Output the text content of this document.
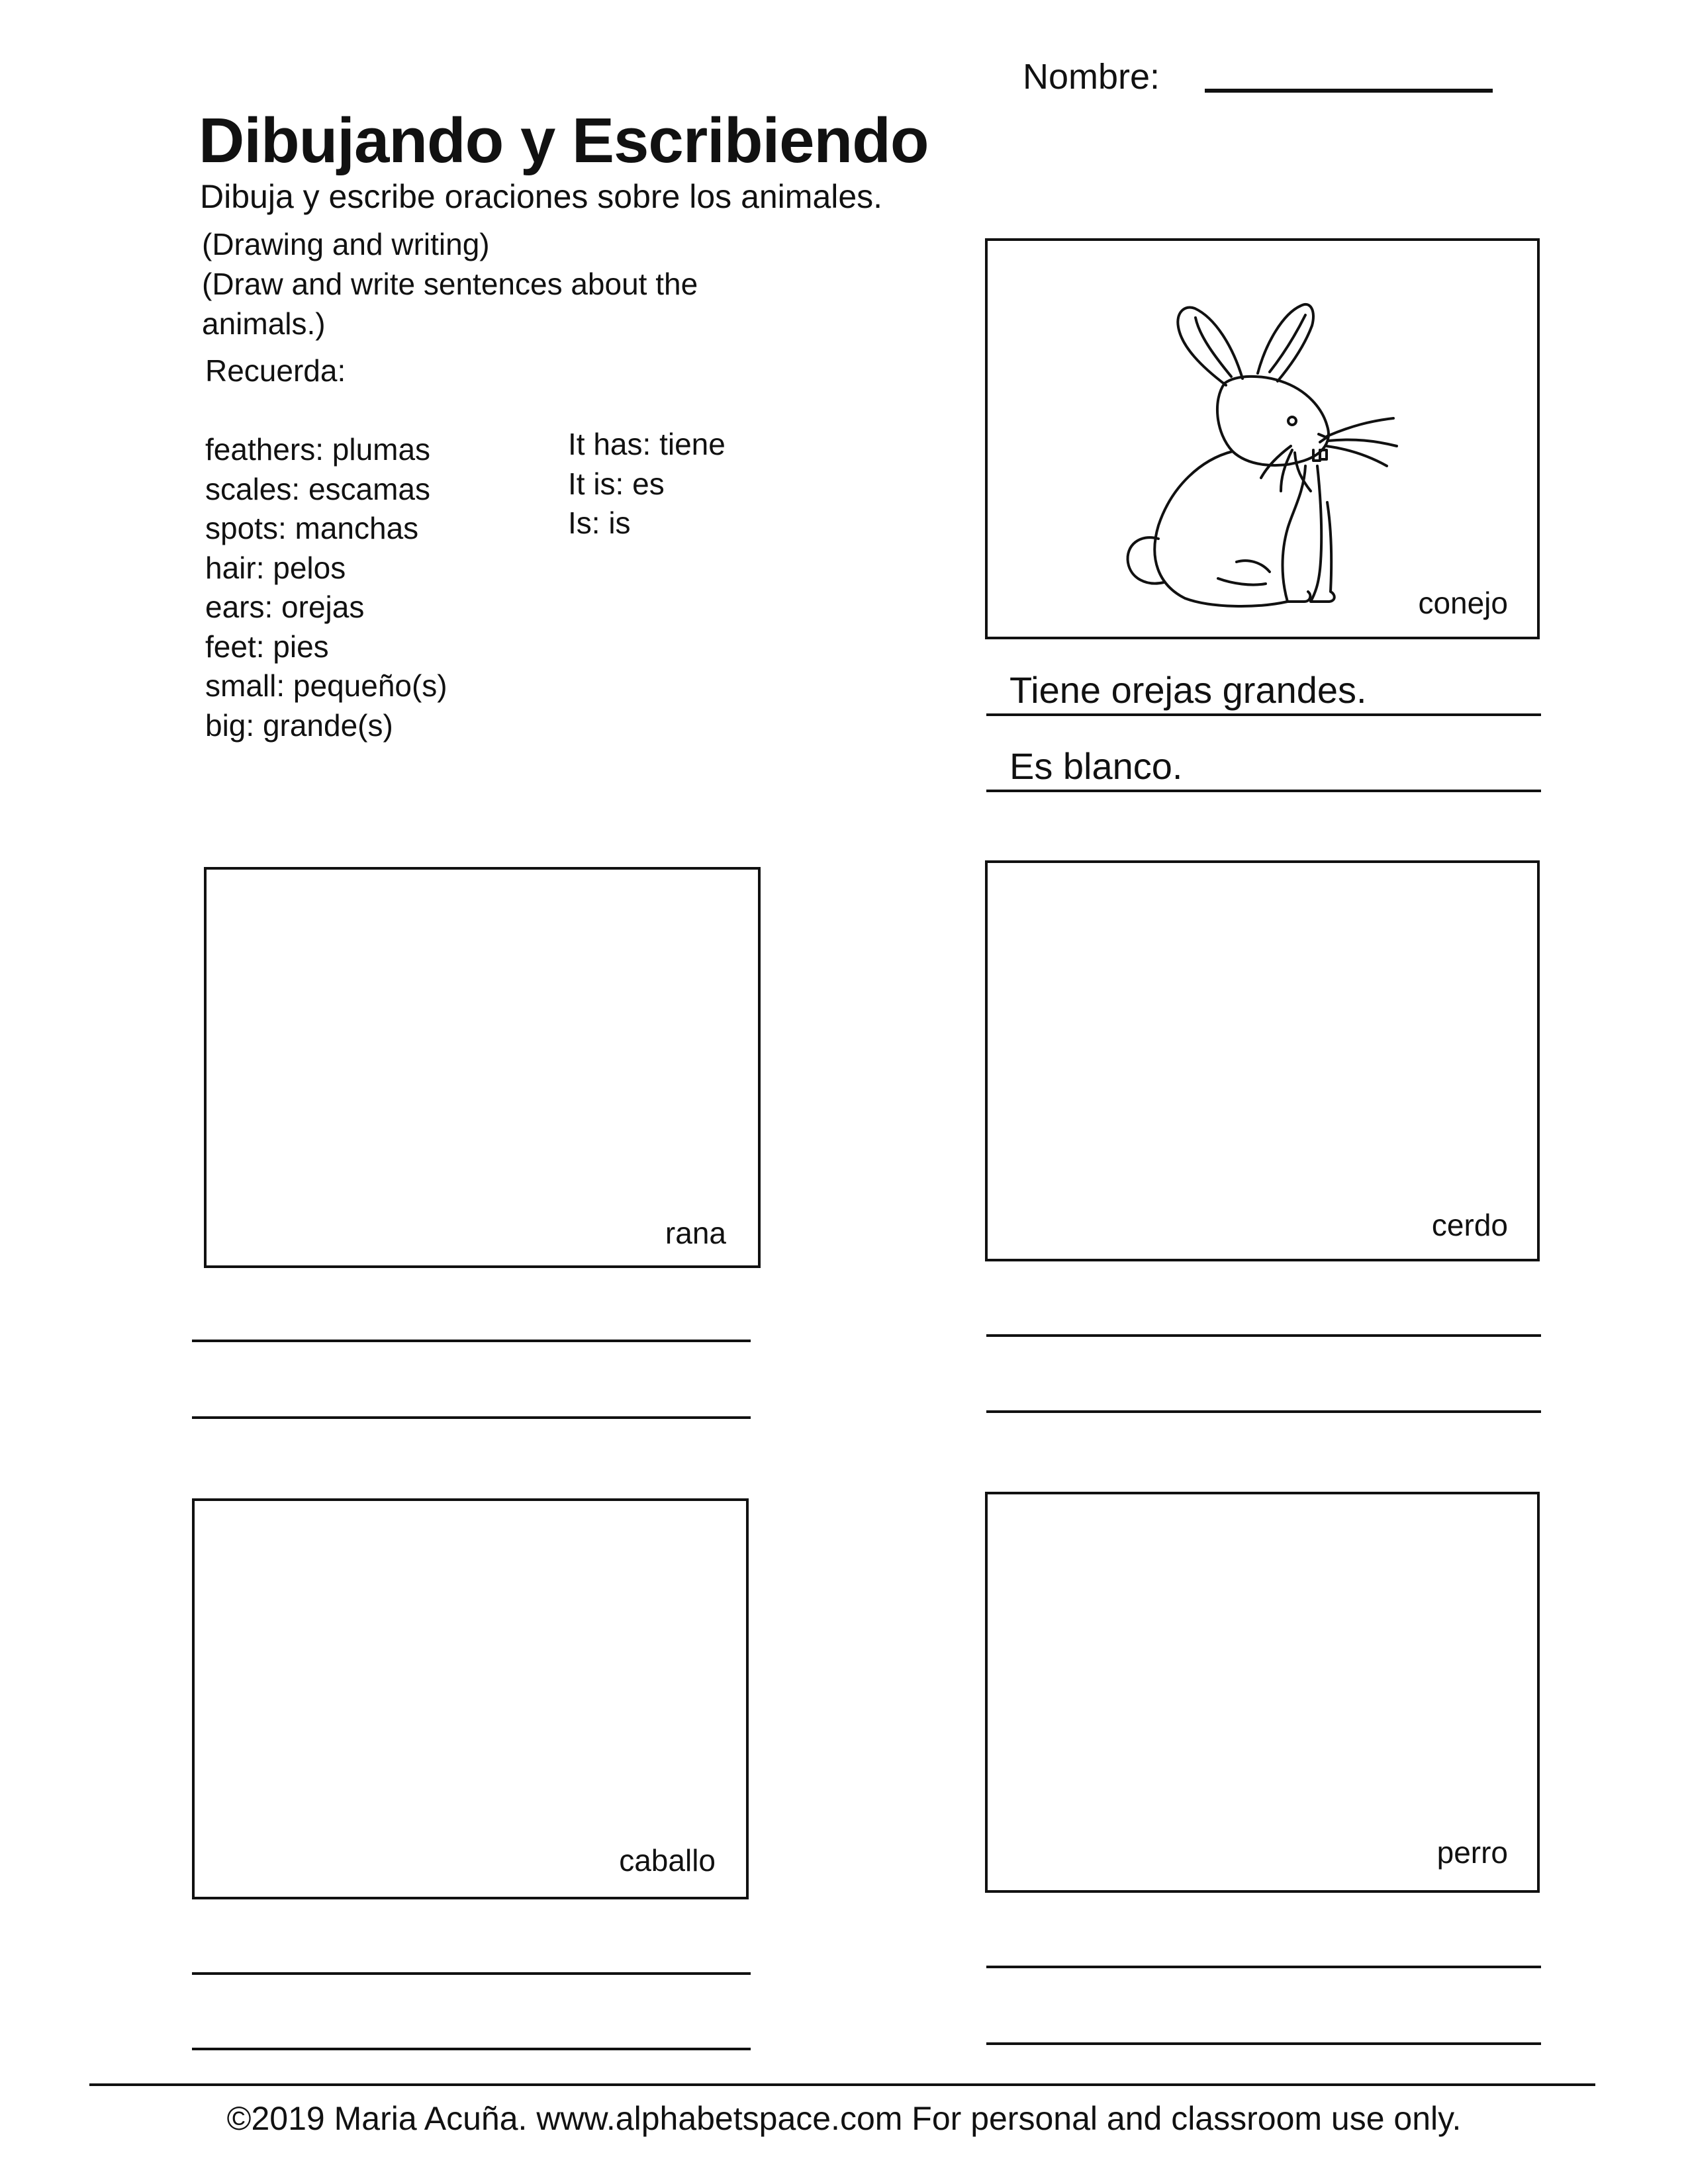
Nombre:
Dibujando y Escribiendo
Dibuja y escribe oraciones sobre los animales.
(Drawing and writing)
(Draw and write sentences about the
animals.)
Recuerda:
feathers: plumas
scales: escamas
spots: manchas
hair: pelos
ears: orejas
feet: pies
small: pequeño(s)
big: grande(s)
It has: tiene
It is: es
Is: is
conejo
Tiene orejas grandes.
Es blanco.
rana	cerdo
caballo	perro
©2019 Maria Acuña. www.alphabetspace.com For personal and classroom use only.
